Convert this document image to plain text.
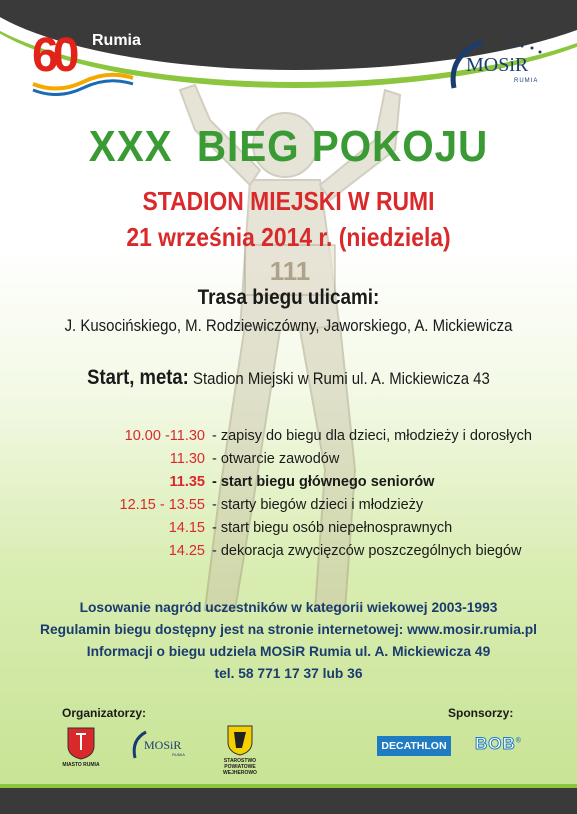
111
60 Rumia
lat	MOSiR
RUMIA
XXX  BIEG POKOJU
STADION MIEJSKI W RUMI
21 września 2014 r. (niedziela)
Trasa biegu ulicami:
J. Kusocińskiego, M. Rodziewiczówny, Jaworskiego, A. Mickiewicza
Start, meta: Stadion Miejski w Rumi ul. A. Mickiewicza 43
10.00 -11.30 - zapisy do biegu dla dzieci, młodzieży i dorosłych
11.30 - otwarcie zawodów
11.35 - start biegu głównego seniorów
12.15 - 13.55 - starty biegów dzieci i młodzieży
14.15 - start biegu osób niepełnosprawnych
14.25 - dekoracja zwycięzców poszczególnych biegów
Losowanie nagród uczestników w kategorii wiekowej 2003-1993
Regulamin biegu dostępny jest na stronie internetowej: www.mosir.rumia.pl
Informacji o biegu udziela MOSiR Rumia ul. A. Mickiewicza 49
tel. 58 771 17 37 lub 36
Organizatorzy:	Sponsorzy:
MIASTO RUMIA
MOSiR
RUMIA
STAROSTWO POWIATOWE
WEJHEROWO
DECATHLON BOB®
